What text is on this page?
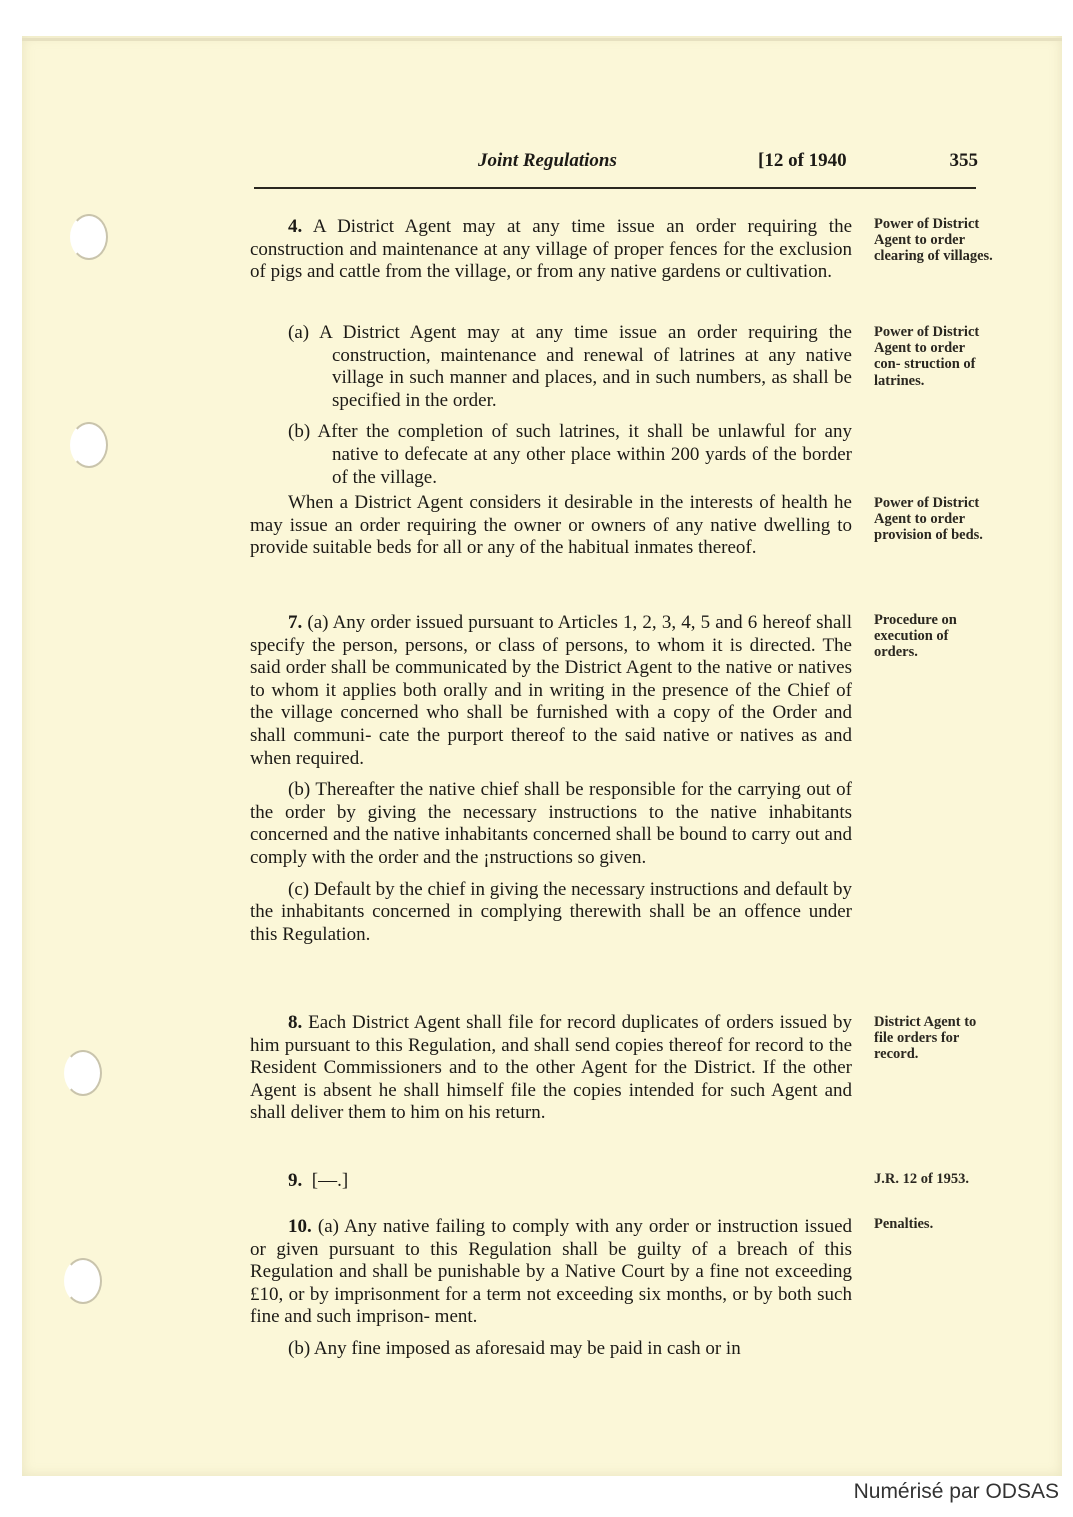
Joint Regulations	[12 of 1940	355

4. A District Agent may at any time issue an order requiring the construction and maintenance at any village of proper fences for the exclusion of pigs and cattle from the village, or from any native gardens or cultivation.

Power of District Agent to order clearing of villages.

(a) A District Agent may at any time issue an order requiring the construction, maintenance and renewal of latrines at any native village in such manner and places, and in such numbers, as shall be specified in the order.

(b) After the completion of such latrines, it shall be unlawful for any native to defecate at any other place within 200 yards of the border of the village.

Power of District Agent to order con- struction of latrines.

When a District Agent considers it desirable in the interests of health he may issue an order requiring the owner or owners of any native dwelling to provide suitable beds for all or any of the habitual inmates thereof.

Power of District Agent to order provision of beds.

7. (a) Any order issued pursuant to Articles 1, 2, 3, 4, 5 and 6 hereof shall specify the person, persons, or class of persons, to whom it is directed. The said order shall be communicated by the District Agent to the native or natives to whom it applies both orally and in writing in the presence of the Chief of the village concerned who shall be furnished with a copy of the Order and shall communi- cate the purport thereof to the said native or natives as and when required.

(b) Thereafter the native chief shall be responsible for the carrying out of the order by giving the necessary instructions to the native inhabitants concerned and the native inhabitants concerned shall be bound to carry out and comply with the order and the ¡nstructions so given.

(c) Default by the chief in giving the necessary instructions and default by the inhabitants concerned in complying therewith shall be an offence under this Regulation.

Procedure on execution of orders.

8. Each District Agent shall file for record duplicates of orders issued by him pursuant to this Regulation, and shall send copies thereof for record to the Resident Commissioners and to the other Agent for the District. If the other Agent is absent he shall himself file the copies intended for such Agent and shall deliver them to him on his return.

District Agent to file orders for record.

9. [—.]	J.R. 12 of 1953.

10. (a) Any native failing to comply with any order or instruction issued or given pursuant to this Regulation shall be guilty of a breach of this Regulation and shall be punishable by a Native Court by a fine not exceeding £10, or by imprisonment for a term not exceeding six months, or by both such fine and such imprison- ment.

(b) Any fine imposed as aforesaid may be paid in cash or in

Penalties.
Numérisé par ODSAS
